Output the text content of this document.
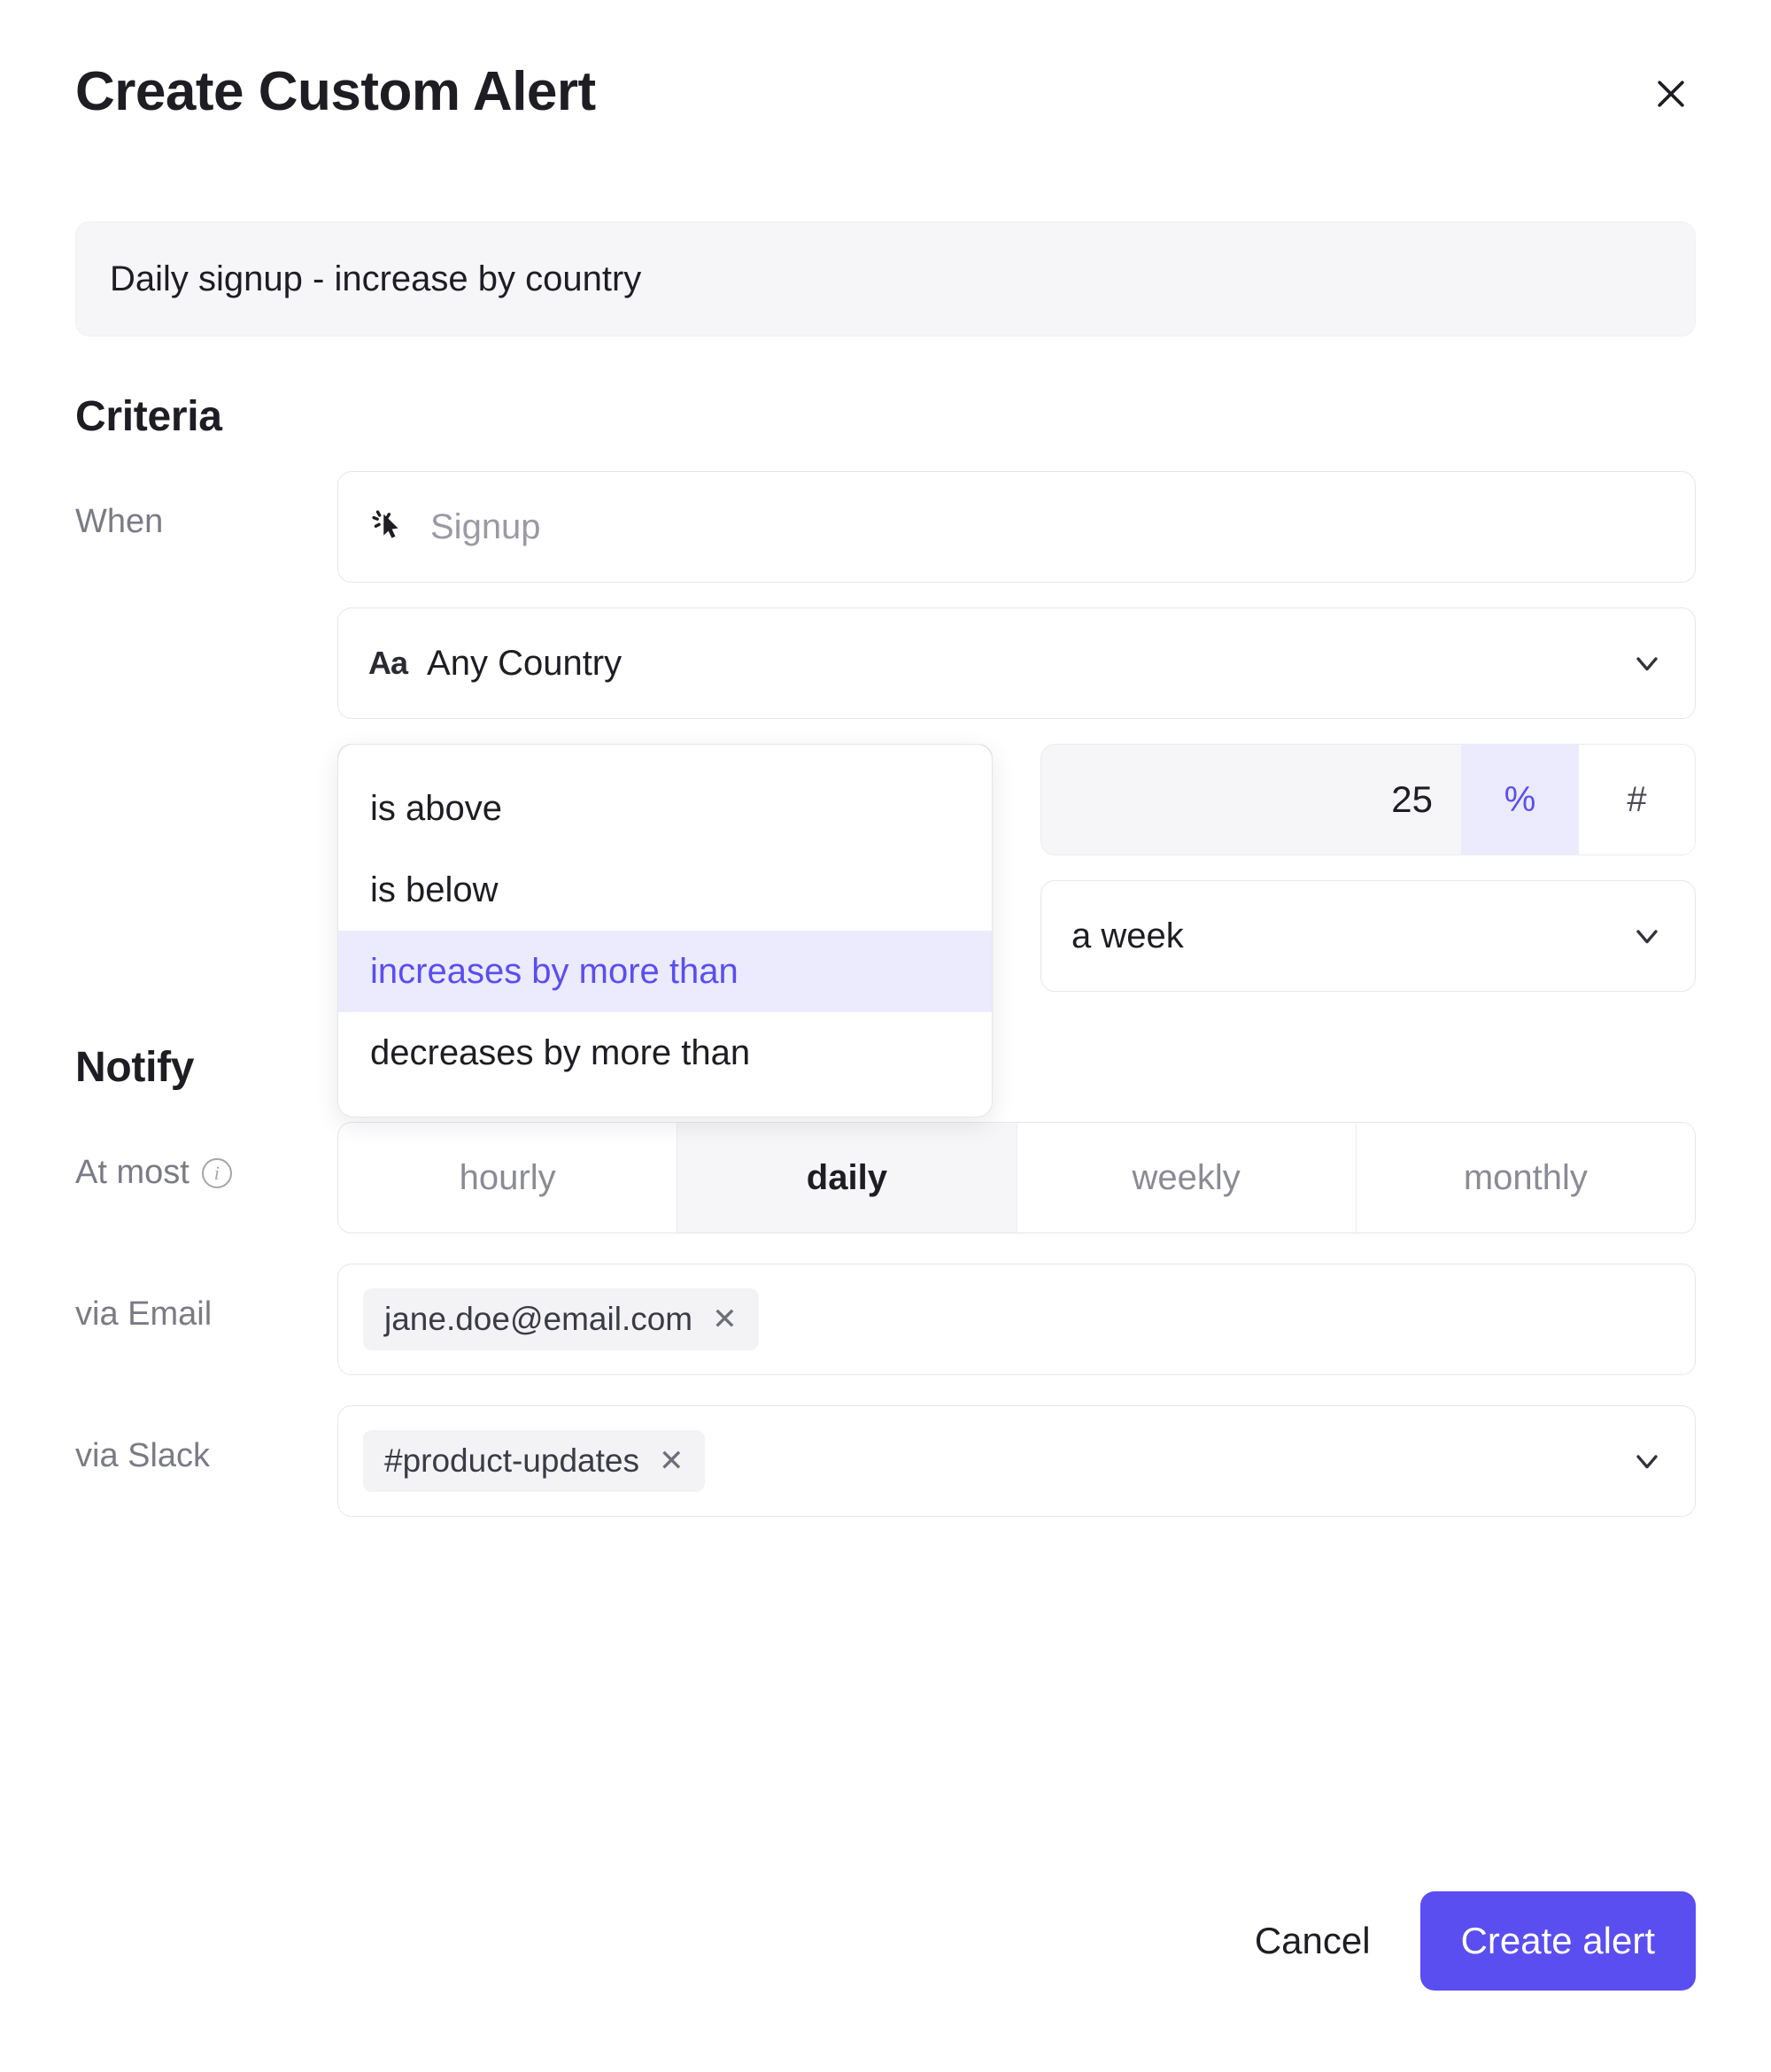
Create Custom Alert
Daily signup - increase by country
Criteria
When	Signup
Aa Any Country
is above
is below
increases by more than
decreases by more than
25	%	#
a week
Notify
At most	i	hourly	daily	weekly	monthly
via Email	jane.doe@email.com ✕
via Slack	#product-updates ✕
Cancel	Create alert
